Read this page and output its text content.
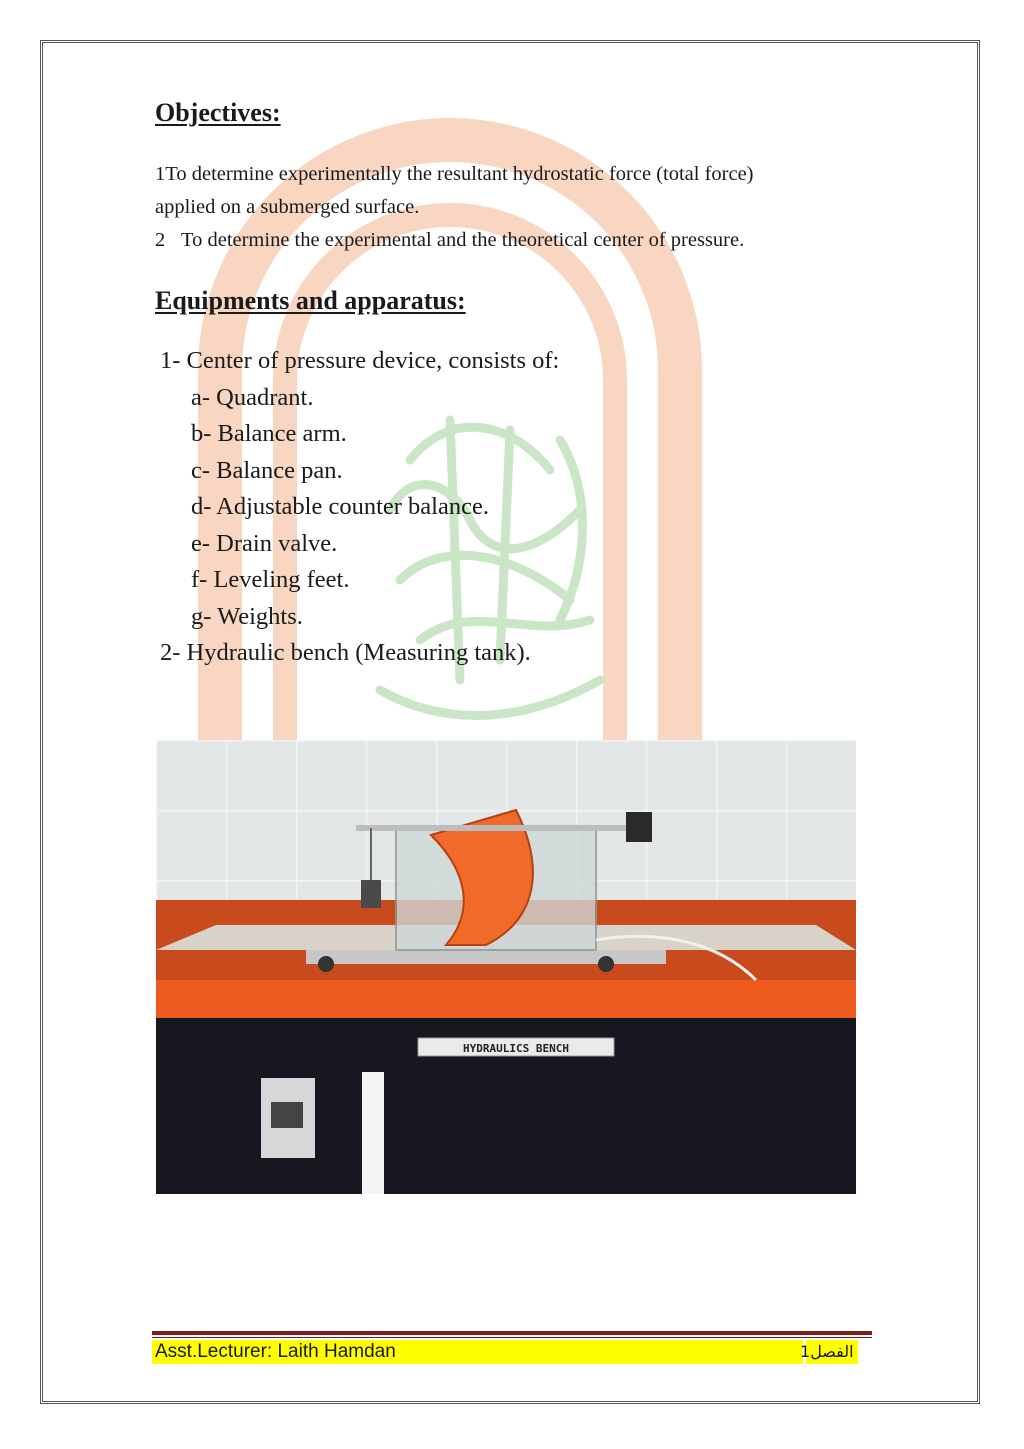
Objectives:

1To determine experimentally the resultant hydrostatic force (total force)

applied on a submerged surface.

2 To determine the experimental and the theoretical center of pressure.

Equipments and apparatus:
1- Center of pressure device, consists of:
a- Quadrant.
b- Balance arm.
c- Balance pan.
d- Adjustable counter balance.
e- Drain valve.
f- Leveling feet.
g- Weights.
2- Hydraulic bench (Measuring tank).
HYDRAULICS BENCH
Asst.Lecturer: Laith Hamdan	الفصل1
